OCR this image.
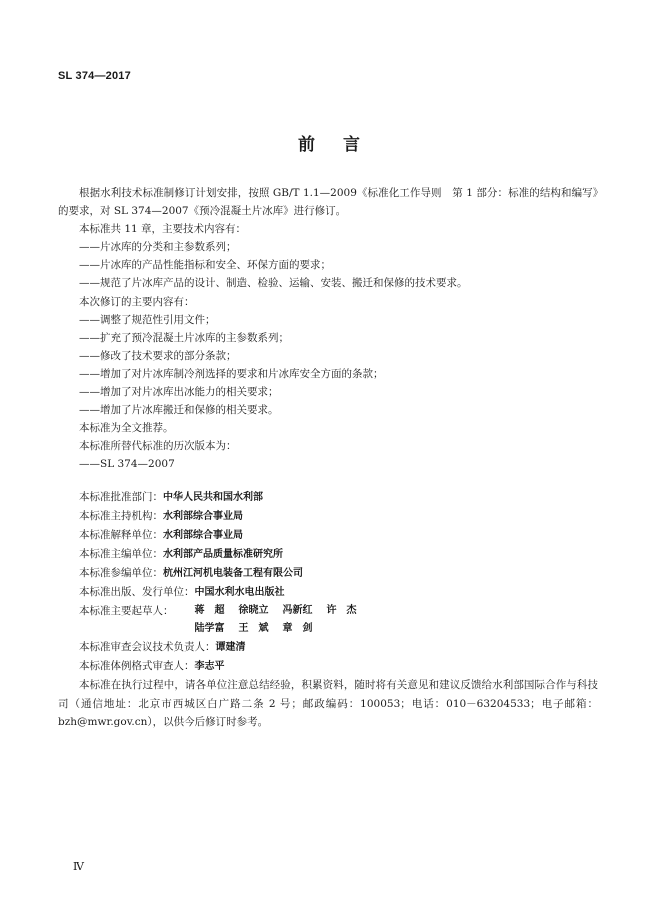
SL 374—2017
前言

根据水利技术标准制修订计划安排，按照 GB/T 1.1—2009《标准化工作导则　第 1 部分：标准的结构和编写》的要求，对 SL 374—2007《预冷混凝土片冰库》进行修订。

本标准共 11 章，主要技术内容有：

——片冰库的分类和主参数系列；

——片冰库的产品性能指标和安全、环保方面的要求；

——规范了片冰库产品的设计、制造、检验、运输、安装、搬迁和保修的技术要求。

本次修订的主要内容有：

——调整了规范性引用文件；

——扩充了预冷混凝土片冰库的主参数系列；

——修改了技术要求的部分条款；

——增加了对片冰库制冷剂选择的要求和片冰库安全方面的条款；

——增加了对片冰库出冰能力的相关要求；

——增加了片冰库搬迁和保修的相关要求。

本标准为全文推荐。

本标准所替代标准的历次版本为：

——SL 374—2007

本标准批准部门：中华人民共和国水利部

本标准主持机构：水利部综合事业局

本标准解释单位：水利部综合事业局

本标准主编单位：水利部产品质量标准研究所

本标准参编单位：杭州江河机电装备工程有限公司

本标准出版、发行单位：中国水利水电出版社

本标准主要起草人：	蒋　超 徐晓立 冯新红 许　杰
陆学富 王　斌 章　剑

本标准审查会议技术负责人：谭建清

本标准体例格式审查人：李志平

本标准在执行过程中，请各单位注意总结经验，积累资料，随时将有关意见和建议反馈给水利部国际合作与科技司（通信地址：北京市西城区白广路二条 2 号；邮政编码：100053；电话：010－63204533；电子邮箱：bzh@mwr.gov.cn），以供今后修订时参考。

Ⅳ
